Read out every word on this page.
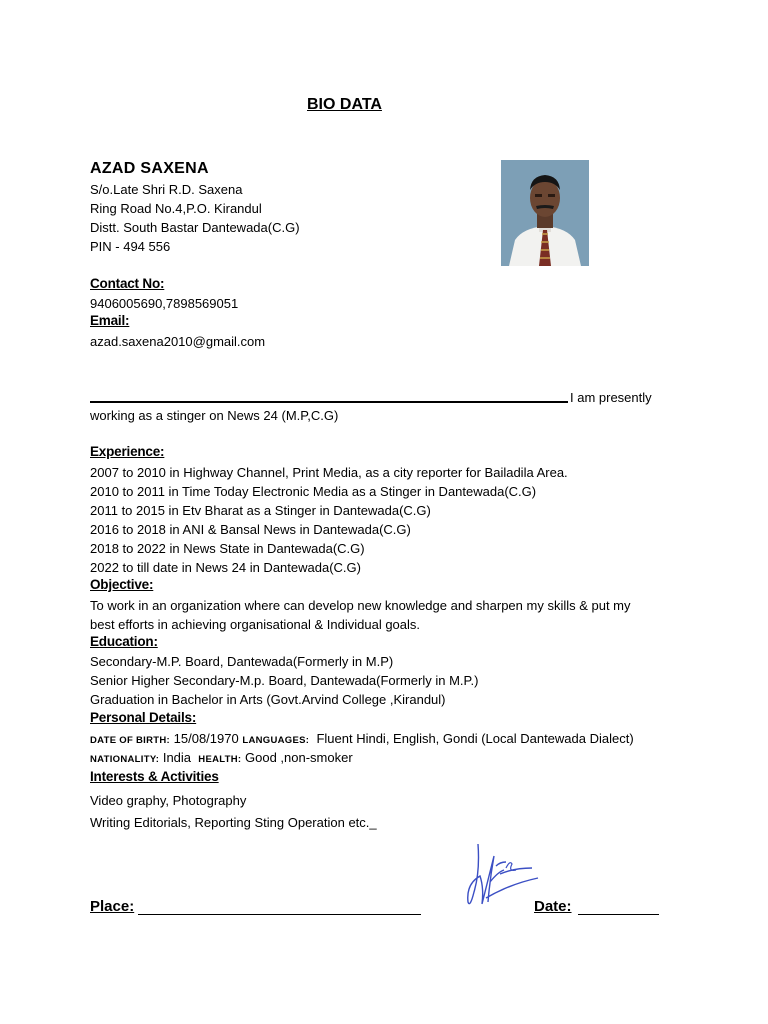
BIO DATA
AZAD SAXENA
S/o.Late Shri R.D. Saxena
Ring Road No.4,P.O. Kirandul
Distt. South Bastar Dantewada(C.G)
PIN - 494 556
Contact No:
9406005690,7898569051
Email:
azad.saxena2010@gmail.com
I am presently
working as a stinger on News 24 (M.P,C.G)
Experience:
2007 to 2010 in Highway Channel, Print Media, as a city reporter for Bailadila Area.
2010 to 2011 in Time Today Electronic Media as a Stinger in Dantewada(C.G)
2011 to 2015 in Etv Bharat as a Stinger in Dantewada(C.G)
2016 to 2018 in ANI & Bansal News in Dantewada(C.G)
2018 to 2022 in News State in Dantewada(C.G)
2022 to till date in News 24 in Dantewada(C.G)
Objective:
To work in an organization where can develop new knowledge and sharpen my skills & put my
best efforts in achieving organisational & Individual goals.
Education:
Secondary-M.P. Board, Dantewada(Formerly in M.P)
Senior Higher Secondary-M.p. Board, Dantewada(Formerly in M.P.)
Graduation in Bachelor in Arts (Govt.Arvind College ,Kirandul)
Personal Details:
DATE OF BIRTH: 15/08/1970 LANGUAGES: Fluent Hindi, English, Gondi (Local Dantewada Dialect)
NATIONALITY: India HEALTH: Good ,non-smoker
Interests & Activities
Video graphy, Photography
Writing Editorials, Reporting Sting Operation etc._
Place:	Date:
